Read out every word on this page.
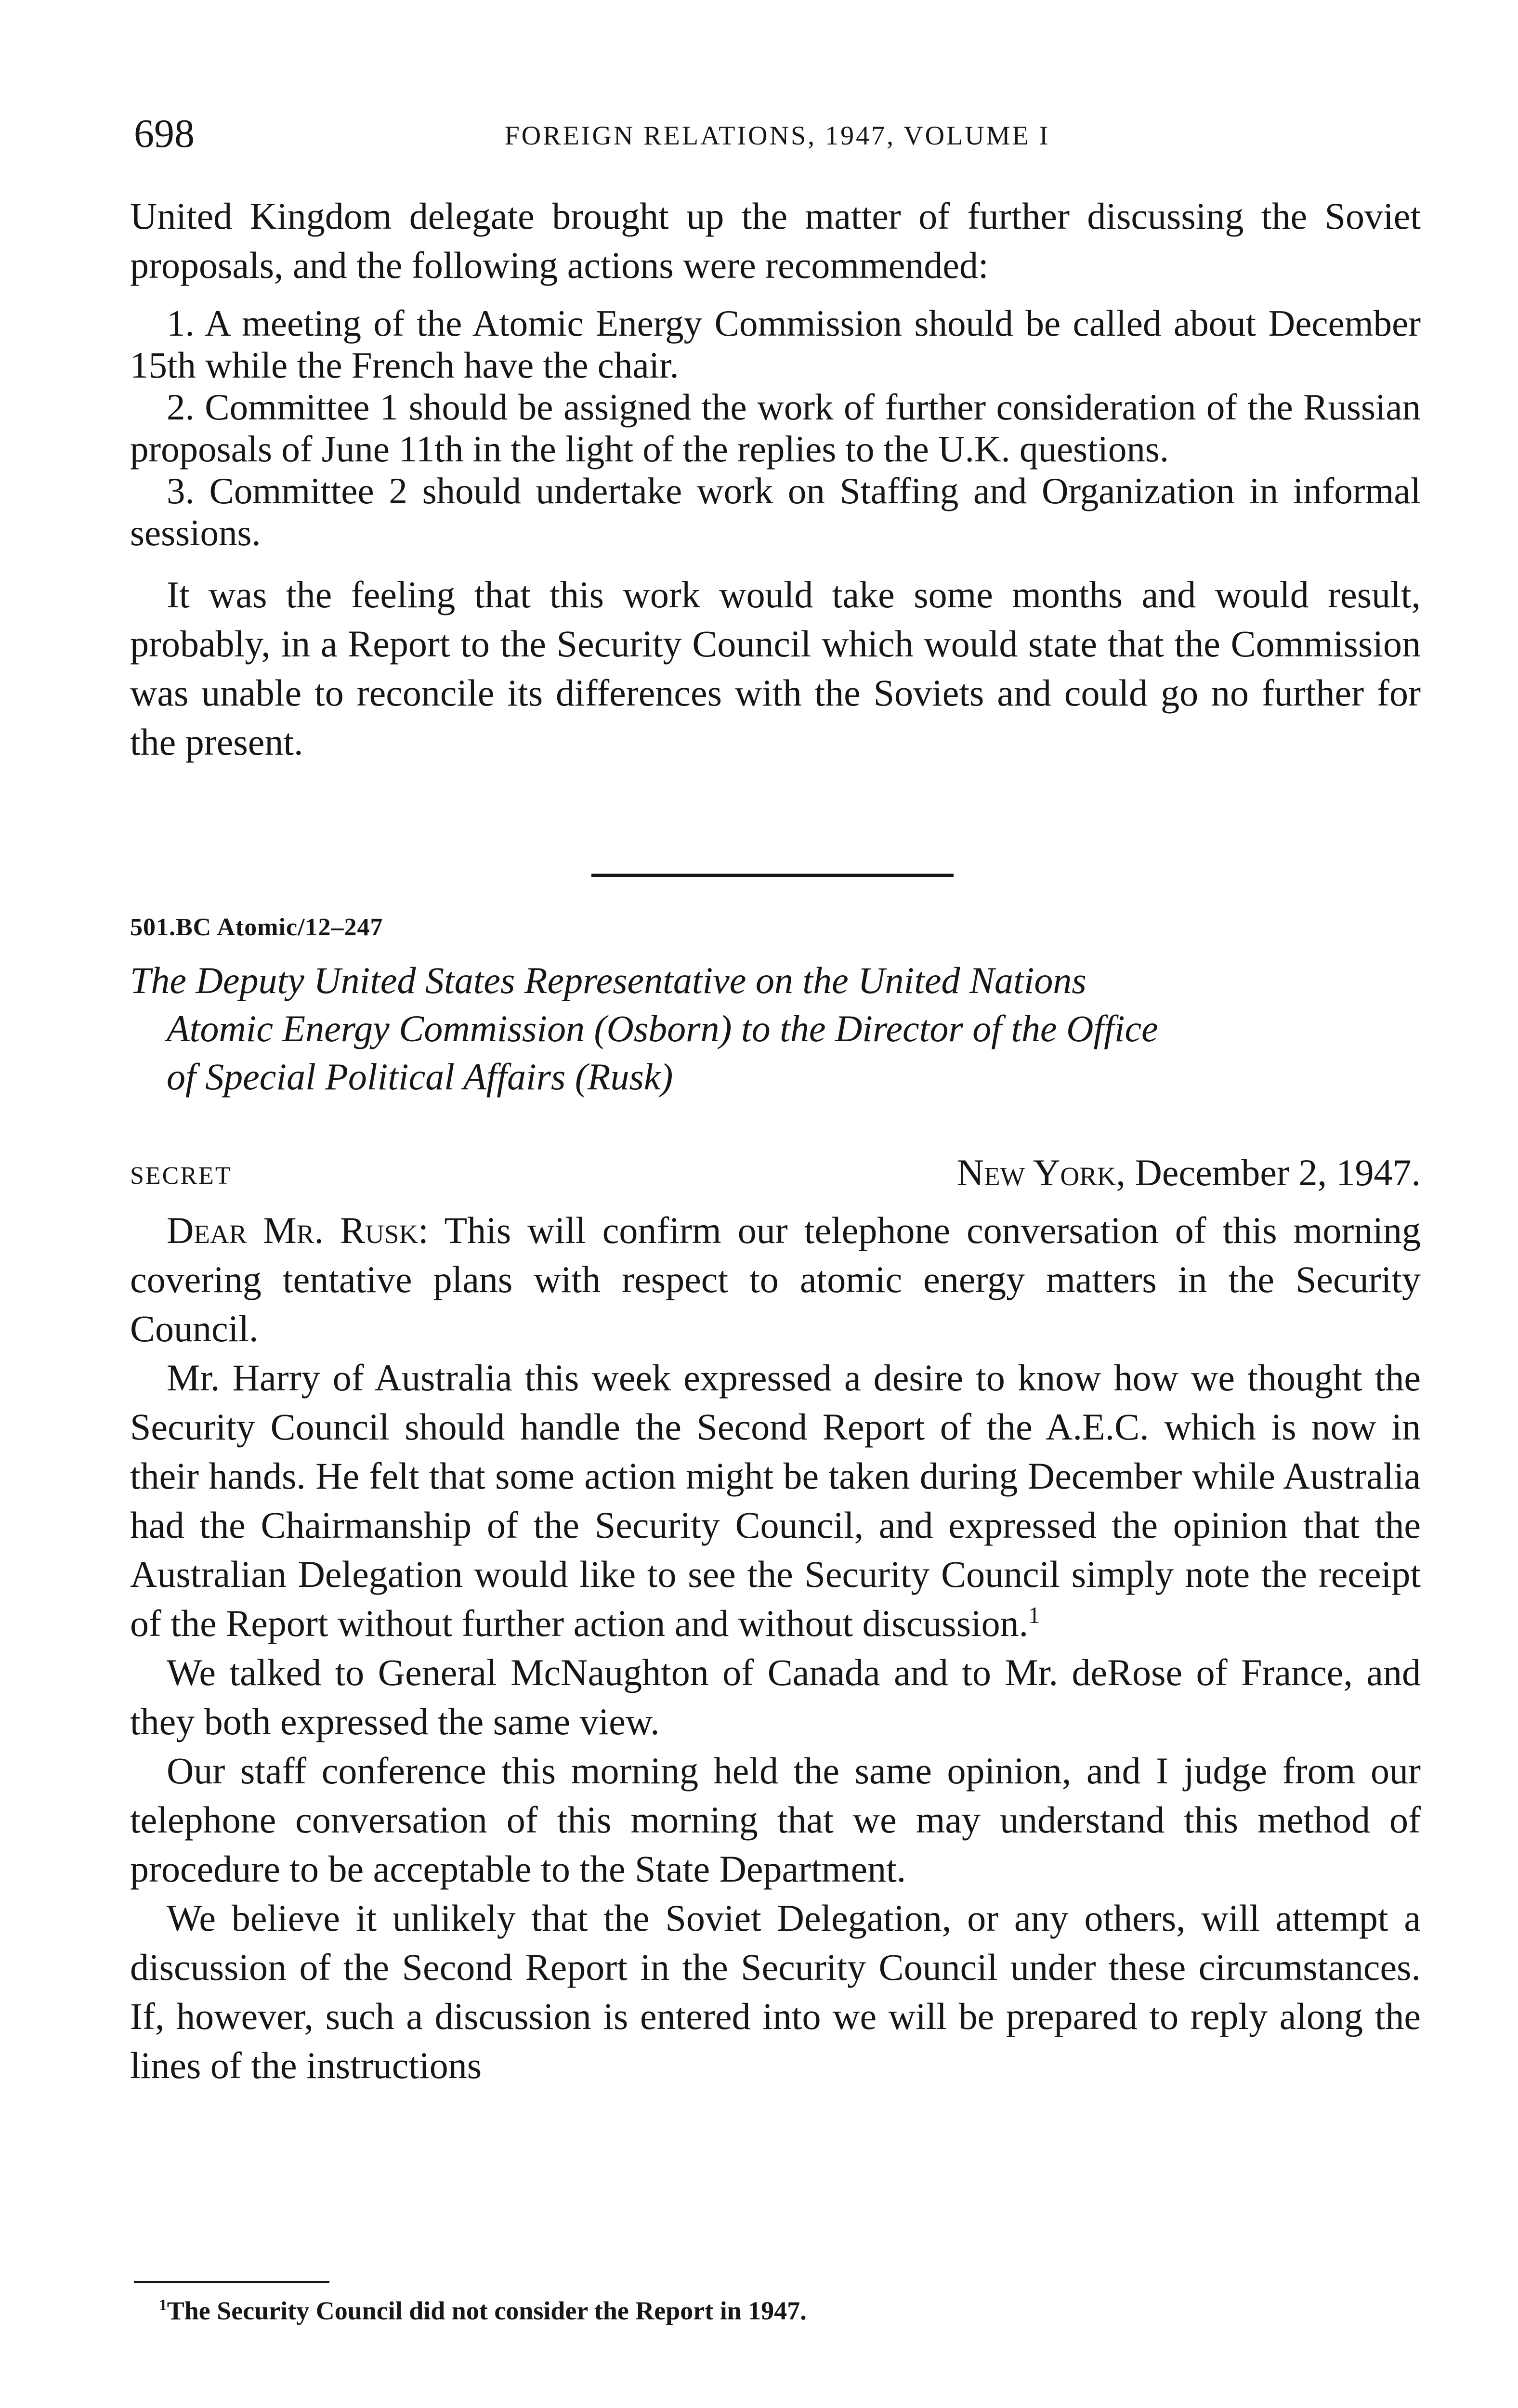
698	FOREIGN RELATIONS, 1947, VOLUME I

United Kingdom delegate brought up the matter of further discussing the Soviet proposals, and the following actions were recommended:

1. A meeting of the Atomic Energy Commission should be called about December 15th while the French have the chair.

2. Committee 1 should be assigned the work of further consideration of the Russian proposals of June 11th in the light of the replies to the U.K. questions.

3. Committee 2 should undertake work on Staffing and Organization in informal sessions.

It was the feeling that this work would take some months and would result, probably, in a Report to the Security Council which would state that the Commission was unable to reconcile its differences with the Soviets and could go no further for the present.

501.BC Atomic/12–247

The Deputy United States Representative on the United Nations

Atomic Energy Commission (Osborn) to the Director of the Office

of Special Political Affairs (Rusk)

SECRET	New York, December 2, 1947.

Dear Mr. Rusk: This will confirm our telephone conversation of this morning covering tentative plans with respect to atomic energy matters in the Security Council.

Mr. Harry of Australia this week expressed a desire to know how we thought the Security Council should handle the Second Report of the A.E.C. which is now in their hands. He felt that some action might be taken during December while Australia had the Chairmanship of the Security Council, and expressed the opinion that the Australian Delegation would like to see the Security Council simply note the receipt of the Report without further action and without discussion.$^1$

We talked to General McNaughton of Canada and to Mr. deRose of France, and they both expressed the same view.

Our staff conference this morning held the same opinion, and I judge from our telephone conversation of this morning that we may understand this method of procedure to be acceptable to the State Department.

We believe it unlikely that the Soviet Delegation, or any others, will attempt a discussion of the Second Report in the Security Council under these circumstances. If, however, such a discussion is entered into we will be prepared to reply along the lines of the instructions

$^1$The Security Council did not consider the Report in 1947.
